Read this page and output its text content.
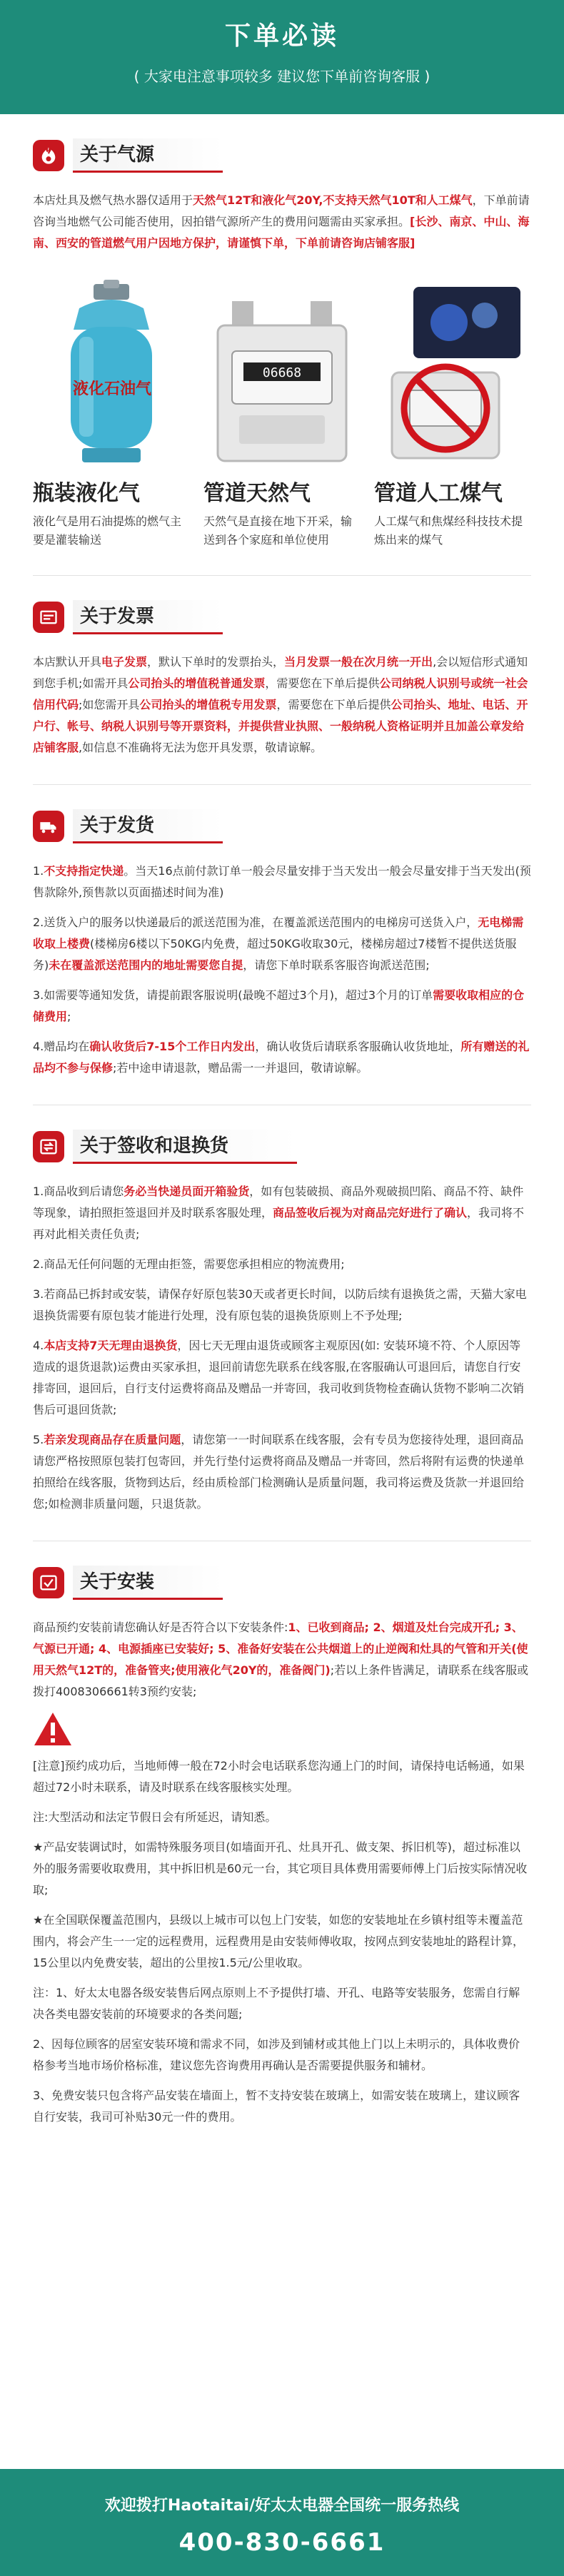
下单必读
( 大家电注意事项较多 建议您下单前咨询客服 )
关于气源

本店灶具及燃气热水器仅适用于天然气12T和液化气20Y,不支持天然气10T和人工煤气，下单前请咨询当地燃气公司能否使用，因拍错气源所产生的费用问题需由买家承担。[长沙、南京、中山、海南、西安的管道燃气用户因地方保护，请谨慎下单，下单前请咨询店铺客服]

液化石油气
瓶装液化气
液化气是用石油提炼的燃气主要是灌装输送
06668
管道天然气
天然气是直接在地下开采，输送到各个家庭和单位使用
管道人工煤气
人工煤气和焦煤经科技技术提炼出来的煤气
关于发票

本店默认开具电子发票，默认下单时的发票抬头，当月发票一般在次月统一开出,会以短信形式通知到您手机;如需开具公司抬头的增值税普通发票，需要您在下单后提供公司纳税人识别号或统一社会信用代码;如您需开具公司抬头的增值税专用发票，需要您在下单后提供公司抬头、地址、电话、开户行、帐号、纳税人识别号等开票资料，并提供营业执照、一般纳税人资格证明并且加盖公章发给店铺客服,如信息不准确将无法为您开具发票，敬请谅解。

关于发货

1.不支持指定快递。当天16点前付款订单一般会尽量安排于当天发出一般会尽量安排于当天发出(预售款除外,预售款以页面描述时间为准)

2.送货入户的服务以快递最后的派送范围为准，在覆盖派送范围内的电梯房可送货入户，无电梯需收取上楼费(楼梯房6楼以下50KG内免费，超过50KG收取30元，楼梯房超过7楼暂不提供送货服务)未在覆盖派送范围内的地址需要您自提，请您下单时联系客服咨询派送范围;

3.如需要等通知发货，请提前跟客服说明(最晚不超过3个月)，超过3个月的订单需要收取相应的仓储费用;

4.赠品均在确认收货后7-15个工作日内发出，确认收货后请联系客服确认收货地址，所有赠送的礼品均不参与保修;若中途申请退款，赠品需一一并退回，敬请谅解。

关于签收和退换货

1.商品收到后请您务必当快递员面开箱验货，如有包装破损、商品外观破损凹陷、商品不符、缺件等现象，请拍照拒签退回并及时联系客服处理，商品签收后视为对商品完好进行了确认，我司将不再对此相关责任负责;

2.商品无任何问题的无理由拒签，需要您承担相应的物流费用;

3.若商品已拆封或安装，请保存好原包装30天或者更长时间，以防后续有退换货之需，天猫大家电退换货需要有原包装才能进行处理，没有原包装的退换货原则上不予处理;

4.本店支持7天无理由退换货，因七天无理由退货或顾客主观原因(如: 安装环境不符、个人原因等造成的退货退款)运费由买家承担，退回前请您先联系在线客服,在客服确认可退回后，请您自行安排寄回，退回后，自行支付运费将商品及赠品一并寄回，我司收到货物检查确认货物不影响二次销售后可退回货款;

5.若亲发现商品存在质量问题，请您第一一时间联系在线客服，会有专员为您接待处理，退回商品请您严格按照原包装打包寄回，并先行垫付运费将商品及赠品一并寄回，然后将附有运费的快递单拍照给在线客服，货物到达后，经由质检部门检测确认是质量问题，我司将运费及货款一并退回给您;如检测非质量问题，只退货款。

关于安装

商品预约安装前请您确认好是否符合以下安装条件:1、已收到商品; 2、烟道及灶台完成开孔; 3、气源已开通; 4、电源插座已安装好; 5、准备好安装在公共烟道上的止逆阀和灶具的气管和开关(使用天然气12T的，准备管夹;使用液化气20Y的，准备阀门);若以上条件皆满足，请联系在线客服或拨打4008306661转3预约安装;

[注意]预约成功后，当地师傅一般在72小时会电话联系您沟通上门的时间，请保持电话畅通，如果超过72小时未联系，请及时联系在线客服核实处理。

注:大型活动和法定节假日会有所延迟，请知悉。

★产品安装调试时，如需特殊服务项目(如墙面开孔、灶具开孔、做支架、拆旧机等)，超过标准以外的服务需要收取费用，其中拆旧机是60元一台，其它项目具体费用需要师傅上门后按实际情况收取;

★在全国联保覆盖范围内，县级以上城市可以包上门安装，如您的安装地址在乡镇村组等未覆盖范围内，将会产生一一定的远程费用，远程费用是由安装师傅收取，按网点到安装地址的路程计算，15公里以内免费安装，超出的公里按1.5元/公里收取。

注：1、好太太电器各级安装售后网点原则上不予提供打墙、开孔、电路等安装服务，您需自行解决各类电器安装前的环境要求的各类问题;

2、因每位顾客的居室安装环境和需求不同，如涉及到铺材或其他上门以上未明示的，具体收费价格参考当地市场价格标准，建议您先咨询费用再确认是否需要提供服务和辅材。

3、免费安装只包含将产品安装在墙面上，暂不支持安装在玻璃上，如需安装在玻璃上，建议顾客自行安装，我司可补贴30元一件的费用。

欢迎拨打Haotaitai/好太太电器全国统一服务热线
400-830-6661
